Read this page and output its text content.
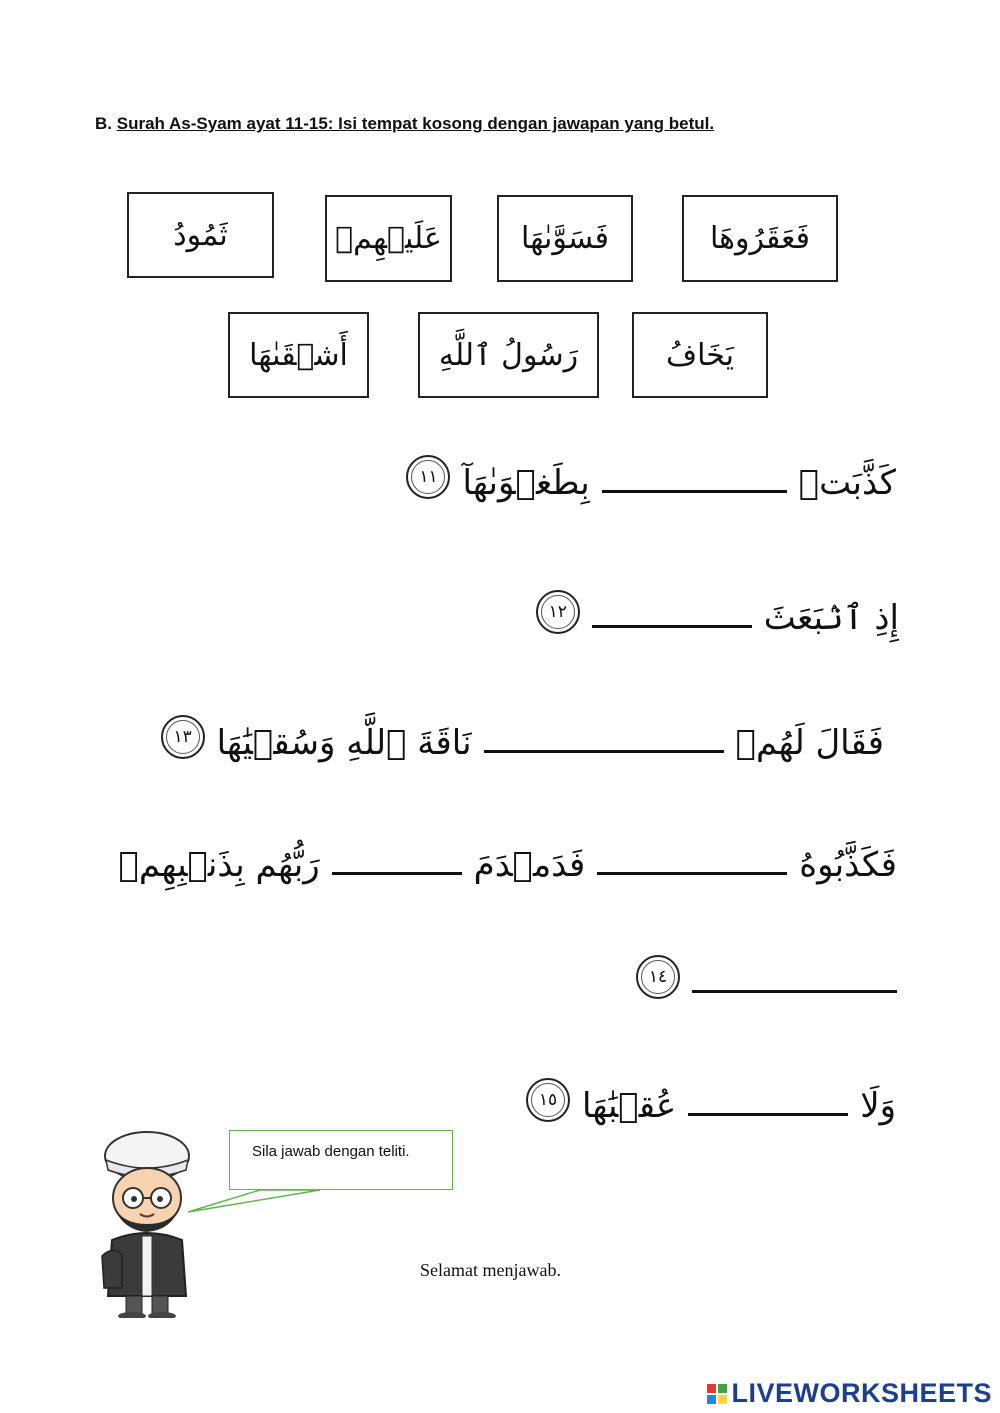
B. Surah As-Syam ayat 11-15: Isi tempat kosong dengan jawapan yang betul.
ثَمُودُ	عَلَيۡهِمۡ	فَسَوَّىٰهَا	فَعَقَرُوهَا
أَشۡقَىٰهَا	رَسُولُ ٱللَّهِ	يَخَافُ
كَذَّبَتۡ
بِطَغۡوَىٰهَآ
١١
إِذِ ٱنۢبَعَثَ
١٢
فَقَالَ لَهُمۡ
نَاقَةَ ٱللَّهِ وَسُقۡيَٰهَا
١٣
فَكَذَّبُوهُ
فَدَمۡدَمَ
رَبُّهُم بِذَنۢبِهِمۡ
١٤
وَلَا
عُقۡبَٰهَا
١٥
Sila jawab dengan teliti.
Selamat menjawab.
LIVEWORKSHEETS
